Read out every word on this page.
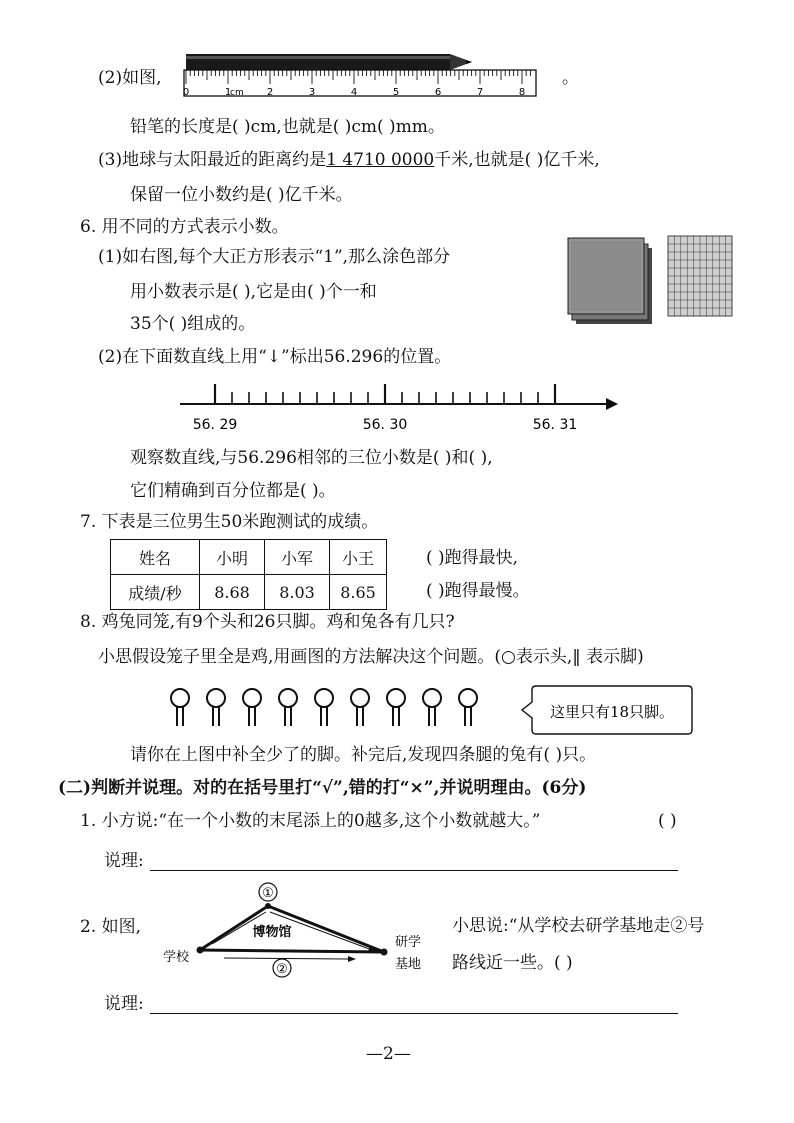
(2)如图,
0	1	2	3	4	5	6	7	8
cm
。
铅笔的长度是( )cm,也就是( )cm( )mm。
(3)地球与太阳最近的距离约是1 4710 0000千米,也就是( )亿千米,
保留一位小数约是( )亿千米。
6. 用不同的方式表示小数。
(1)如右图,每个大正方形表示“1”,那么涂色部分
用小数表示是( ),它是由( )个一和
35个( )组成的。
(2)在下面数直线上用“↓”标出56.296的位置。
56. 29	56. 30	56. 31
观察数直线,与56.296相邻的三位小数是( )和( ),
它们精确到百分位都是( )。
7. 下表是三位男生50米跑测试的成绩。
姓名	小明	小军	小王
成绩/秒	8.68	8.03	8.65
( )跑得最快,
( )跑得最慢。
8. 鸡兔同笼,有9个头和26只脚。鸡和兔各有几只?
小思假设笼子里全是鸡,用画图的方法解决这个问题。(○表示头,‖ 表示脚)
这里只有18只脚。
请你在上图中补全少了的脚。补完后,发现四条腿的兔有( )只。
(二)判断并说理。对的在括号里打“√”,错的打“×”,并说明理由。(6分)
1. 小方说:“在一个小数的末尾添上的0越多,这个小数就越大。”	( )
说理:
2. 如图,
①
②
学校
博物馆
研学
基地
小思说:“从学校去研学基地走②号
路线近一些。( )
说理:
—2—
